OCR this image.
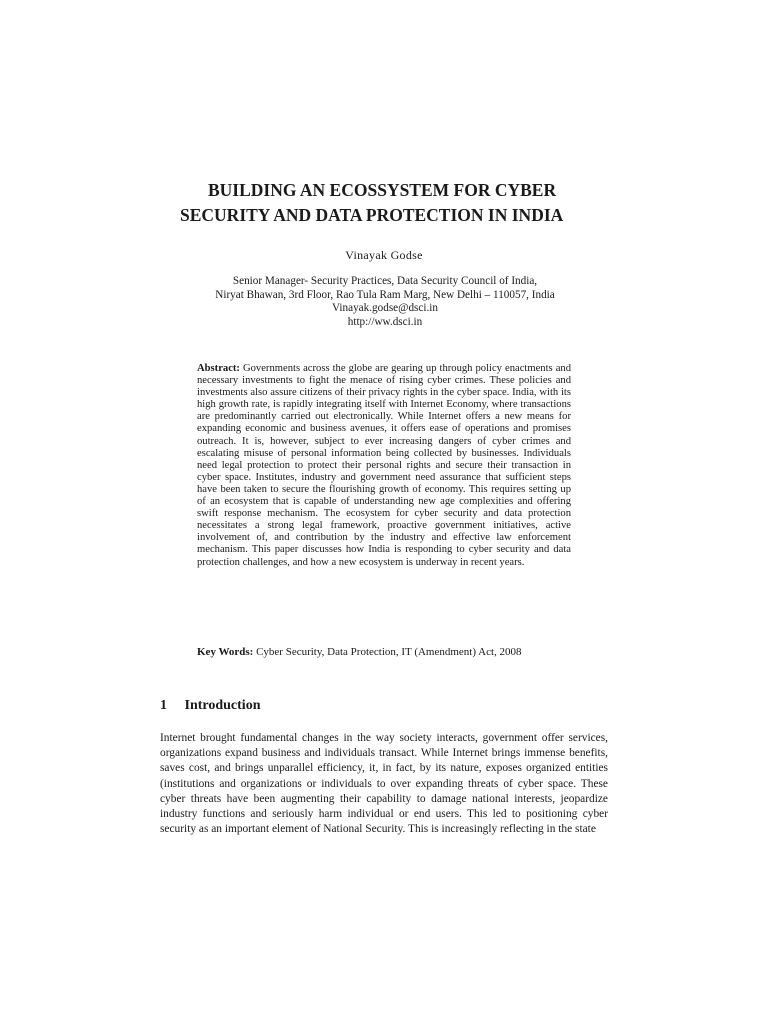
BUILDING AN ECOSSYSTEM FOR CYBER
SECURITY AND DATA PROTECTION IN INDIA
Vinayak Godse
Senior Manager- Security Practices, Data Security Council of India,
Niryat Bhawan, 3rd Floor, Rao Tula Ram Marg, New Delhi – 110057, India
Vinayak.godse@dsci.in
http://ww.dsci.in
Abstract: Governments across the globe are gearing up through policy enactments and necessary investments to fight the menace of rising cyber crimes. These policies and investments also assure citizens of their privacy rights in the cyber space. India, with its high growth rate, is rapidly integrating itself with Internet Economy, where transactions are predominantly carried out electronically. While Internet offers a new means for expanding economic and business avenues, it offers ease of operations and promises outreach. It is, however, subject to ever increasing dangers of cyber crimes and escalating misuse of personal information being collected by businesses. Individuals need legal protection to protect their personal rights and secure their transaction in cyber space. Institutes, industry and government need assurance that sufficient steps have been taken to secure the flourishing growth of economy. This requires setting up of an ecosystem that is capable of understanding new age complexities and offering swift response mechanism. The ecosystem for cyber security and data protection necessitates a strong legal framework, proactive government initiatives, active involvement of, and contribution by the industry and effective law enforcement mechanism. This paper discusses how India is responding to cyber security and data protection challenges, and how a new ecosystem is underway in recent years.
Key Words: Cyber Security, Data Protection, IT (Amendment) Act, 2008
1 Introduction
Internet brought fundamental changes in the way society interacts, government offer services, organizations expand business and individuals transact. While Internet brings immense benefits, saves cost, and brings unparallel efficiency, it, in fact, by its nature, exposes organized entities (institutions and organizations or individuals to over expanding threats of cyber space. These cyber threats have been augmenting their capability to damage national interests, jeopardize industry functions and seriously harm individual or end users. This led to positioning cyber security as an important element of National Security. This is increasingly reflecting in the state
